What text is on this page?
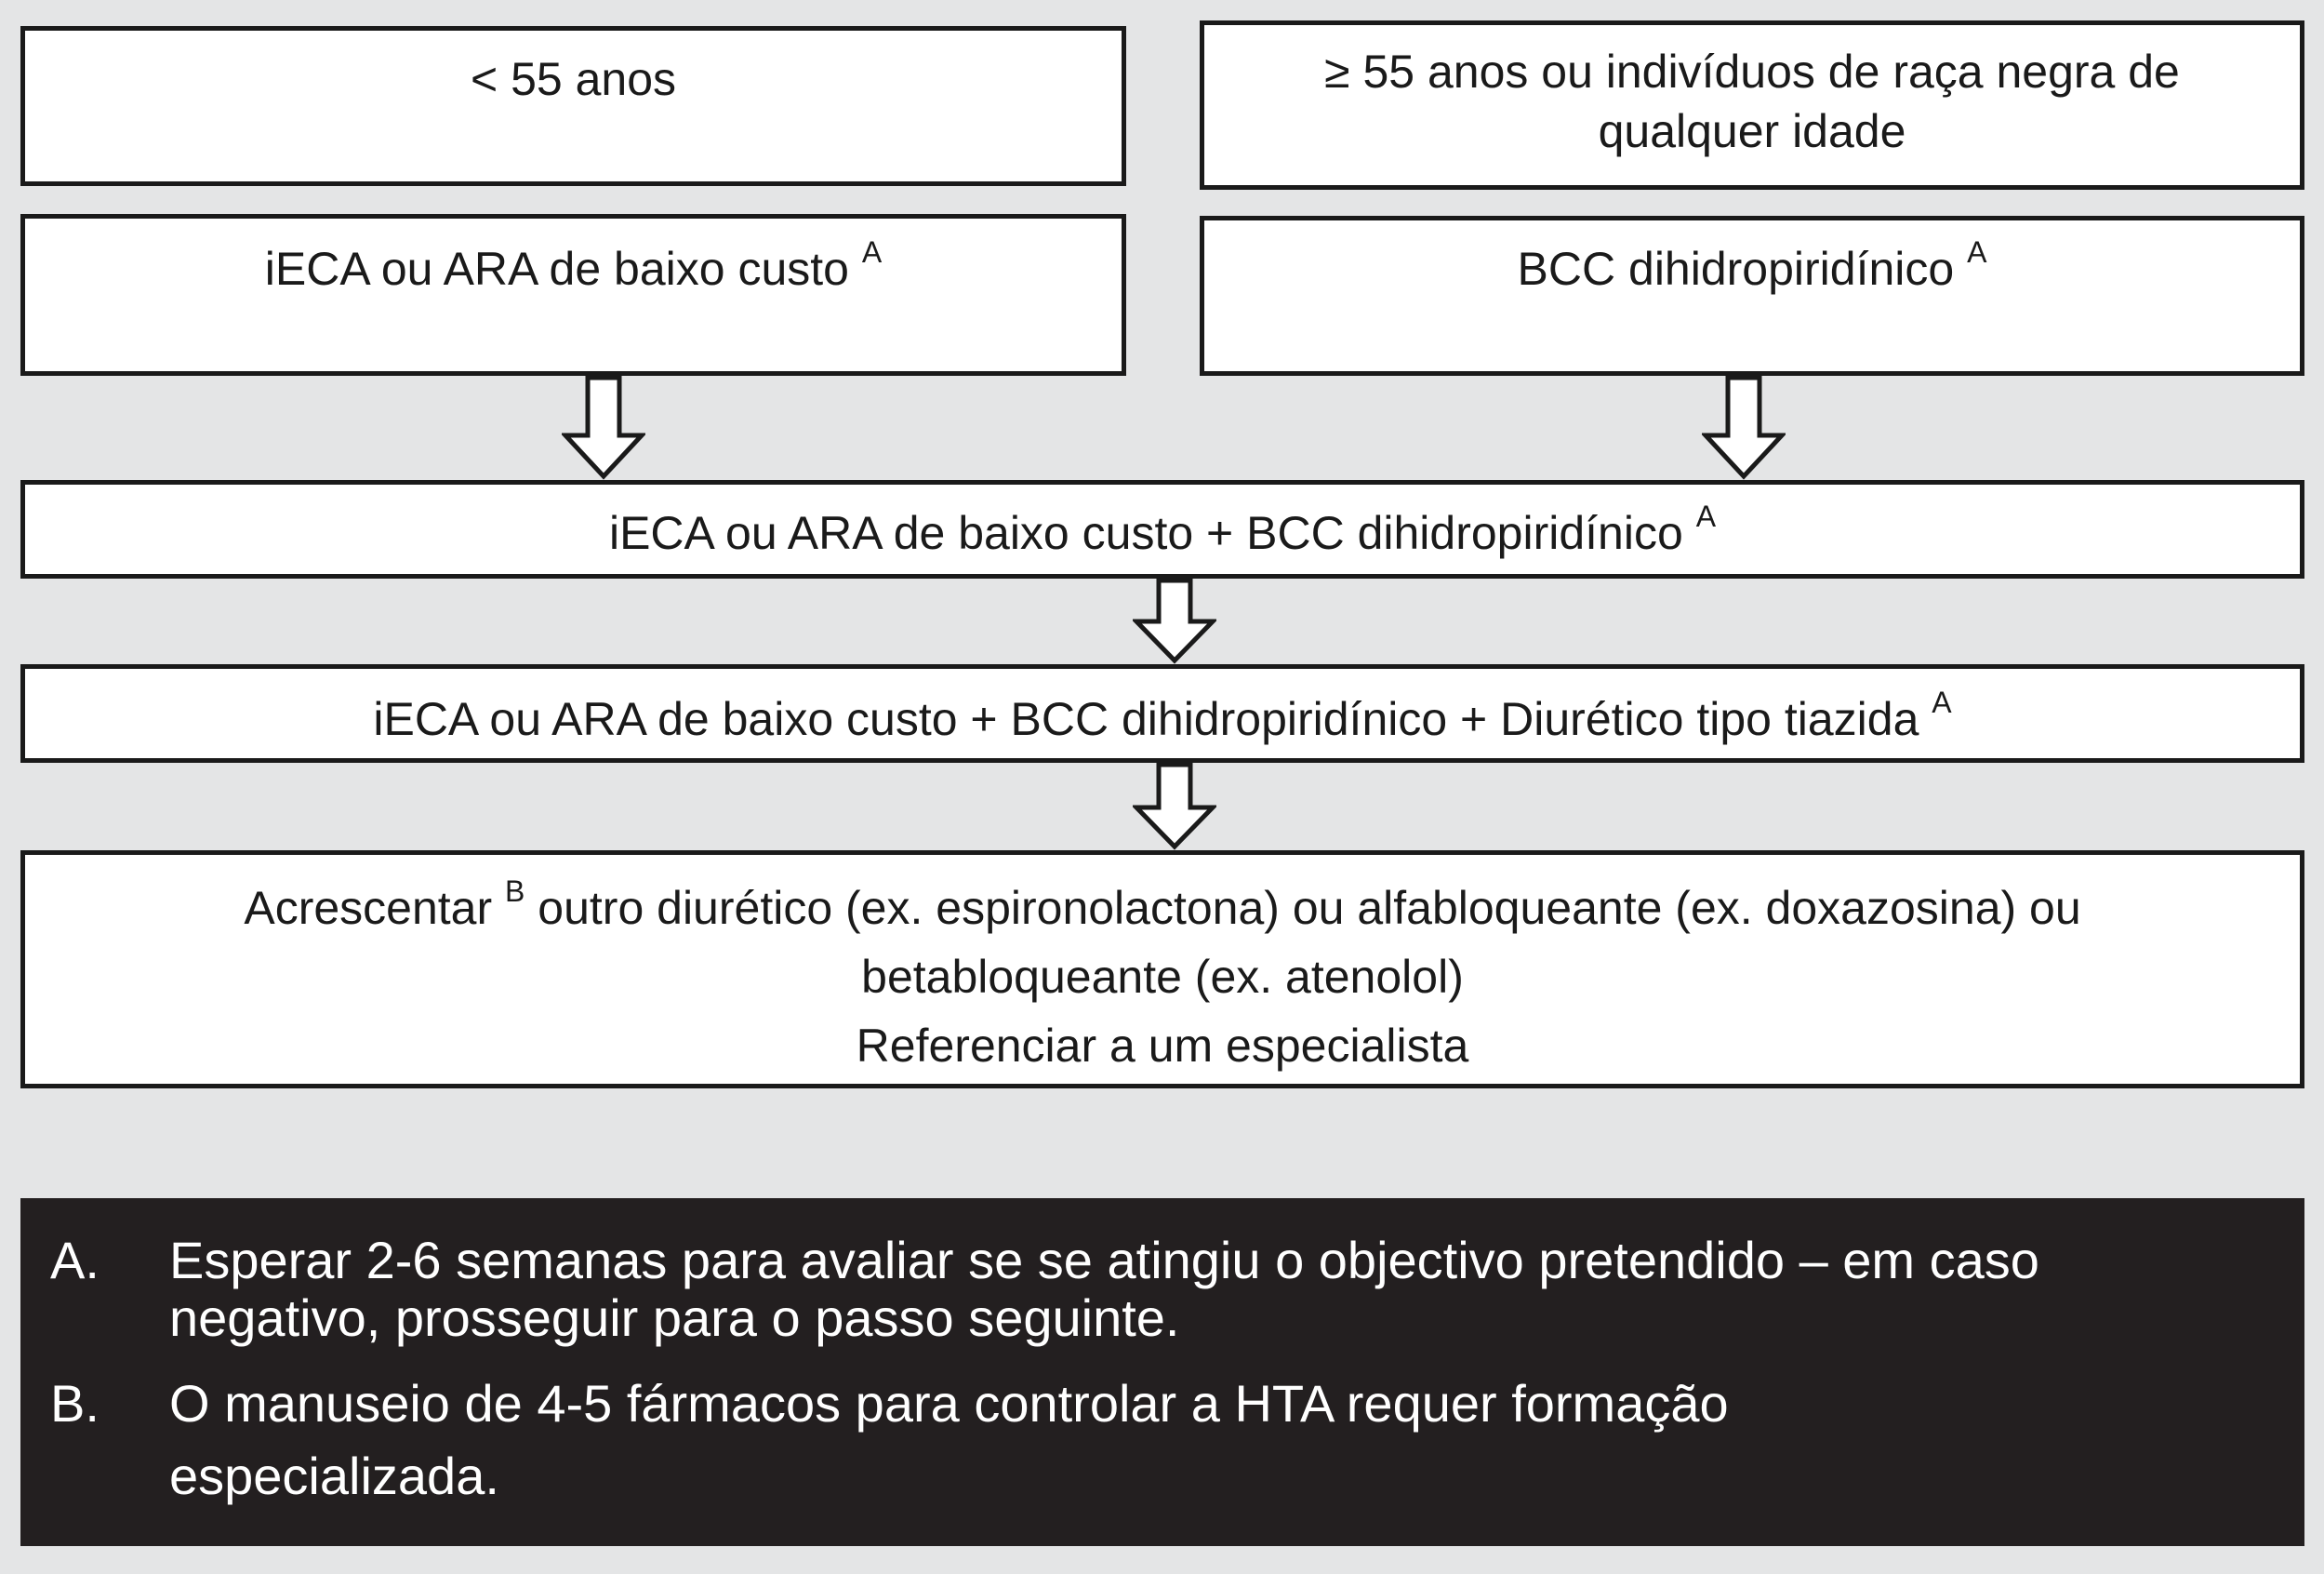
< 55 anos	≥ 55 anos ou indivíduos de raça negra de
qualquer idade
iECA ou ARA de baixo custo $^A$	BCC dihidropiridínico $^A$
iECA ou ARA de baixo custo + BCC dihidropiridínico $^A$
iECA ou ARA de baixo custo + BCC dihidropiridínico + Diurético tipo tiazida $^A$
Acrescentar $^B$ outro diurético (ex. espironolactona) ou alfabloqueante (ex. doxazosina) ou
betabloqueante (ex. atenolol)
Referenciar a um especialista
A.	Esperar 2-6 semanas para avaliar se se atingiu o objectivo pretendido – em caso
negativo, prosseguir para o passo seguinte.
B.	O manuseio de 4-5 fármacos para controlar a HTA requer formação
especializada.
